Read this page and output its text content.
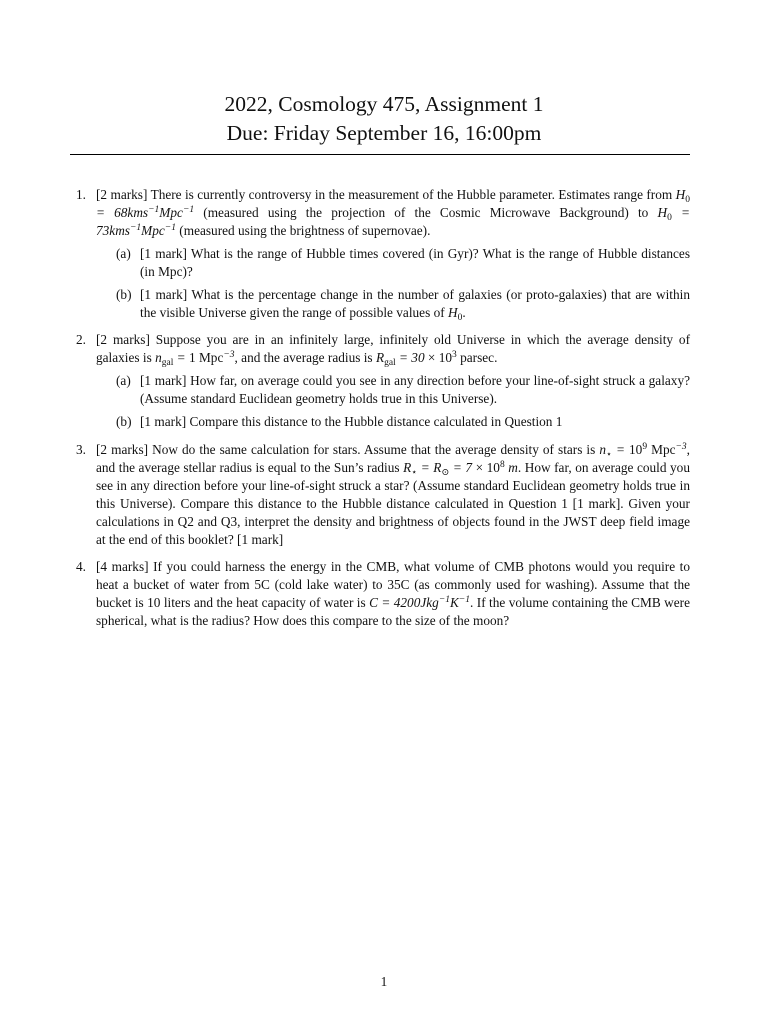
2022, Cosmology 475, Assignment 1
Due: Friday September 16, 16:00pm
1. [2 marks] There is currently controversy in the measurement of the Hubble parameter. Estimates range from $H_0 = 68kms^{-1}Mpc^{-1}$ (measured using the projection of the Cosmic Microwave Background) to $H_0 = 73kms^{-1}Mpc^{-1}$ (measured using the brightness of supernovae).
(a) [1 mark] What is the range of Hubble times covered (in Gyr)? What is the range of Hubble distances (in Mpc)?
(b) [1 mark] What is the percentage change in the number of galaxies (or proto-galaxies) that are within the visible Universe given the range of possible values of $H_0$.
2. [2 marks] Suppose you are in an infinitely large, infinitely old Universe in which the average density of galaxies is $n_{gal} = 1$ Mpc$^{-3}$, and the average radius is $R_{gal} = 30 \times 10^3$ parsec.
(a) [1 mark] How far, on average could you see in any direction before your line-of-sight struck a galaxy? (Assume standard Euclidean geometry holds true in this Universe).
(b) [1 mark] Compare this distance to the Hubble distance calculated in Question 1
3. [2 marks] Now do the same calculation for stars. Assume that the average density of stars is $n_⋆ = 10^9$ Mpc$^{-3}$, and the average stellar radius is equal to the Sun’s radius $R_⋆ = R_⊙ = 7 \times 10^8$ m. How far, on average could you see in any direction before your line-of-sight struck a star? (Assume standard Euclidean geometry holds true in this Universe). Compare this distance to the Hubble distance calculated in Question 1 [1 mark]. Given your calculations in Q2 and Q3, interpret the density and brightness of objects found in the JWST deep field image at the end of this booklet? [1 mark]
4. [4 marks] If you could harness the energy in the CMB, what volume of CMB photons would you require to heat a bucket of water from 5C (cold lake water) to 35C (as commonly used for washing). Assume that the bucket is 10 liters and the heat capacity of water is $C = 4200Jkg^{-1}K^{-1}$. If the volume containing the CMB were spherical, what is the radius? How does this compare to the size of the moon?
1
